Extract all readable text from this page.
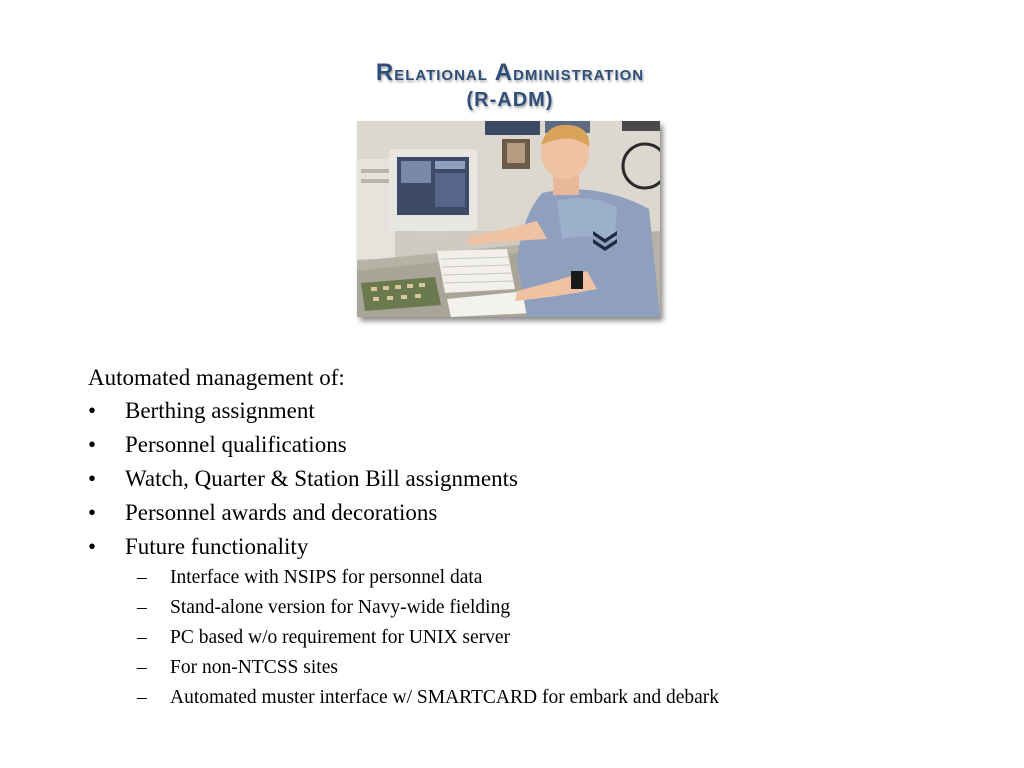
Relational Administration
(R-ADM)
Automated management of:
•	Berthing assignment
•	Personnel qualifications
•	Watch, Quarter & Station Bill assignments
•	Personnel awards and decorations
•	Future functionality
– Interface with NSIPS for personnel data
– Stand-alone version for Navy-wide fielding
– PC based w/o requirement for UNIX server
– For non-NTCSS sites
– Automated muster interface w/ SMARTCARD for embark and debark
